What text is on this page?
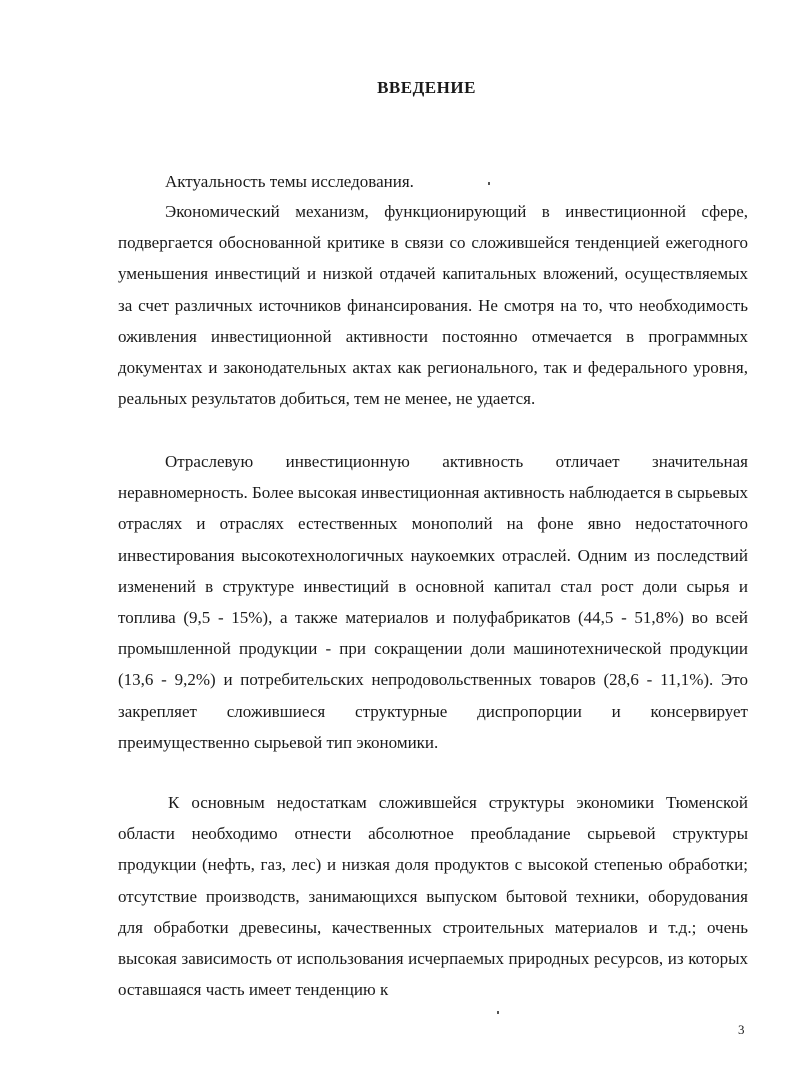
ВВЕДЕНИЕ
Актуальность темы исследования.

Экономический механизм, функционирующий в инвестиционной сфере, подвергается обоснованной критике в связи со сложившейся тенденцией ежегодного уменьшения инвестиций и низкой отдачей капитальных вложений, осуществляемых за счет различных источников финансирования. Не смотря на то, что необходимость оживления инвестиционной активности постоянно отмечается в программных документах и законодательных актах как регионального, так и федерального уровня, реальных результатов добиться, тем не менее, не удается.

Отраслевую инвестиционную активность отличает значительная неравномерность. Более высокая инвестиционная активность наблюдается в сырьевых отраслях и отраслях естественных монополий на фоне явно недостаточного инвестирования высокотехнологичных наукоемких отраслей. Одним из последствий изменений в структуре инвестиций в основной капитал стал рост доли сырья и топлива (9,5 - 15%), а также материалов и полуфабрикатов (44,5 - 51,8%) во всей промышленной продукции - при сокращении доли машинотехнической продукции (13,6 - 9,2%) и потребительских непродовольственных товаров (28,6 - 11,1%). Это закрепляет сложившиеся структурные диспропорции и консервирует преимущественно сырьевой тип экономики.

К основным недостаткам сложившейся структуры экономики Тюменской области необходимо отнести абсолютное преобладание сырьевой структуры продукции (нефть, газ, лес) и низкая доля продуктов с высокой степенью обработки; отсутствие производств, занимающихся выпуском бытовой техники, оборудования для обработки древесины, качественных строительных материалов и т.д.; очень высокая зависимость от использования исчерпаемых природных ресурсов, из которых оставшаяся часть имеет тенденцию к

3
